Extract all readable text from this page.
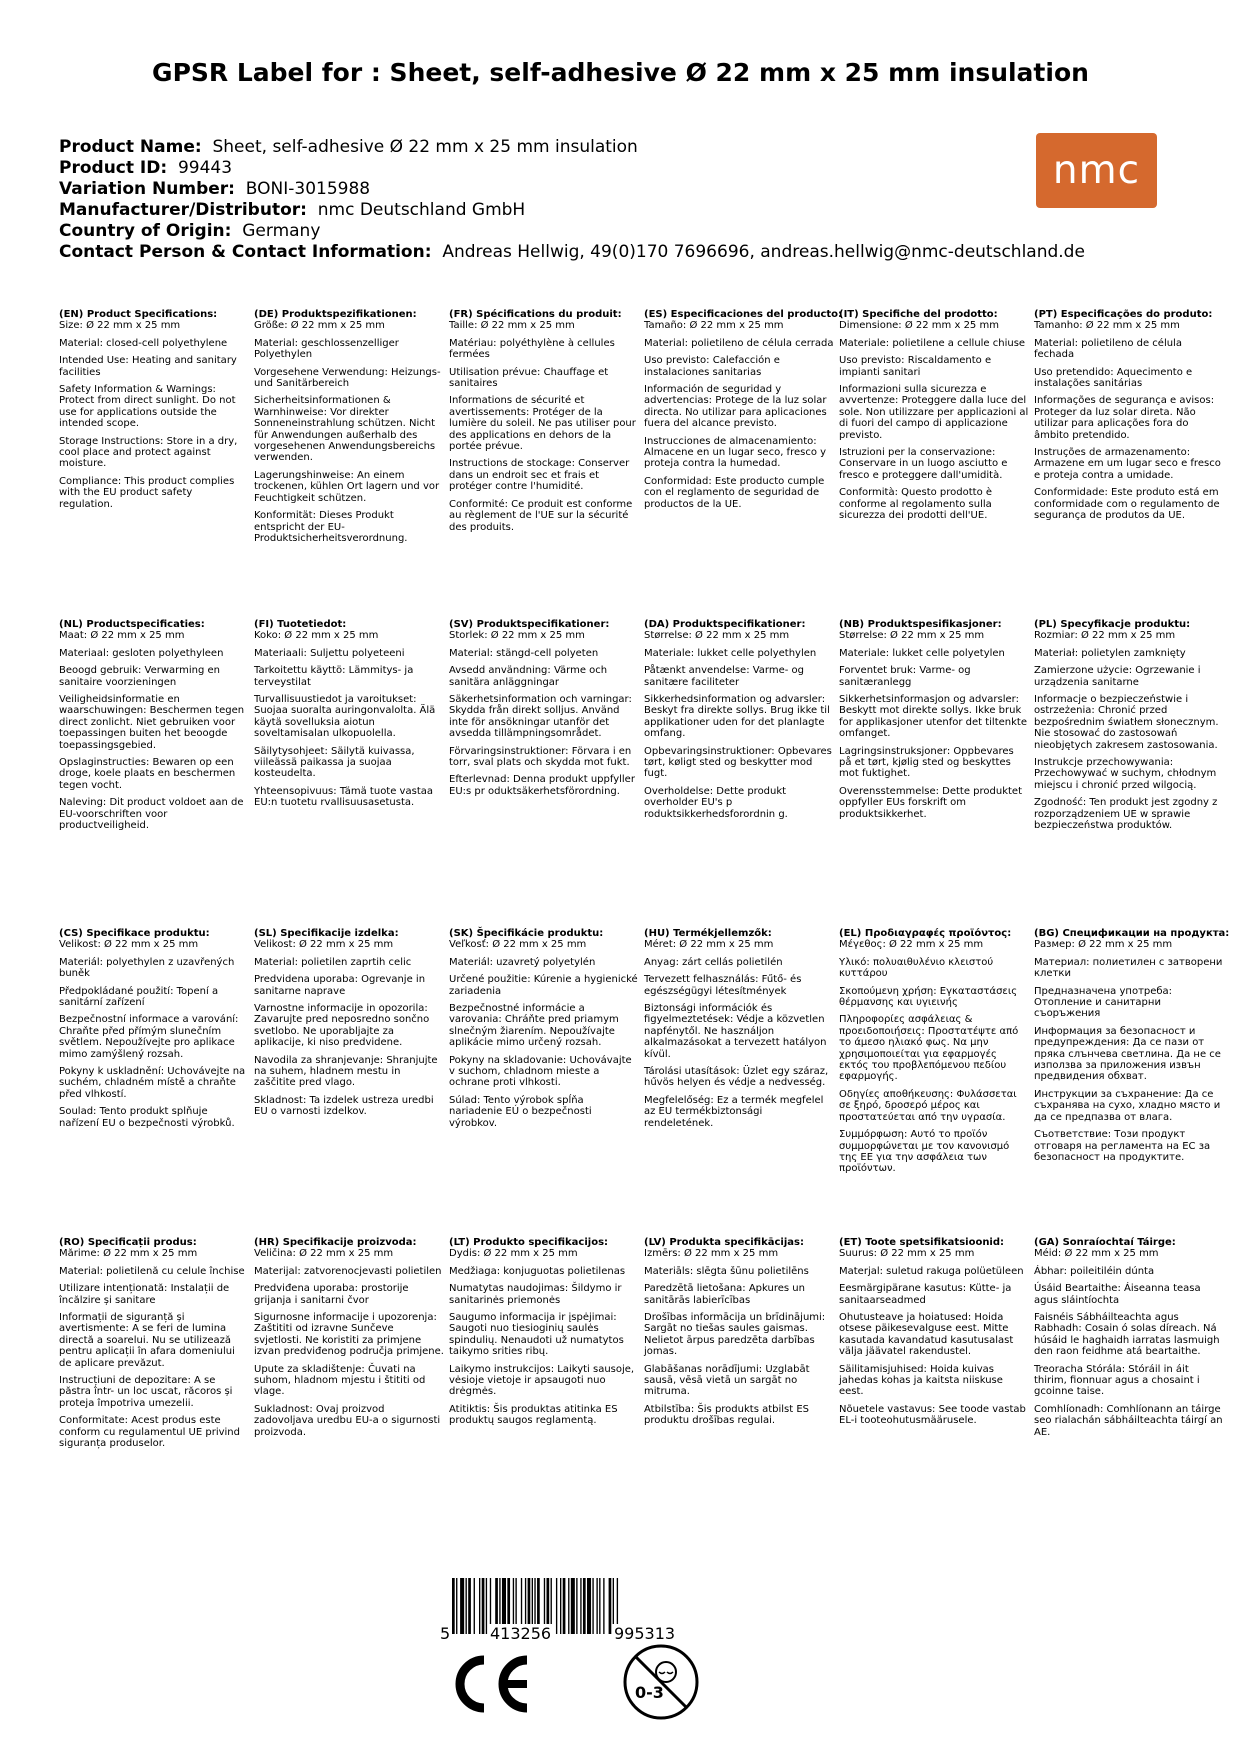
GPSR Label for : Sheet, self-adhesive Ø 22 mm x 25 mm insulation
Product Name: Sheet, self-adhesive Ø 22 mm x 25 mm insulation
Product ID: 99443
Variation Number: BONI-3015988
Manufacturer/Distributor: nmc Deutschland GmbH
Country of Origin: Germany
Contact Person & Contact Information: Andreas Hellwig, 49(0)170 7696696, andreas.hellwig@nmc-deutschland.de
nmc
(EN) Product Specifications:
Size: Ø 22 mm x 25 mm
Material: closed-cell polyethylene
Intended Use: Heating and sanitary facilities
Safety Information & Warnings: Protect from direct sunlight. Do not use for applications outside the intended scope.
Storage Instructions: Store in a dry, cool place and protect against moisture.
Compliance: This product complies with the EU product safety regulation.
(DE) Produktspezifikationen:
Größe: Ø 22 mm x 25 mm
Material: geschlossenzelliger Polyethylen
Vorgesehene Verwendung: Heizungs- und Sanitärbereich
Sicherheitsinformationen & Warnhinweise: Vor direkter Sonneneinstrahlung schützen. Nicht für Anwendungen außerhalb des vorgesehenen Anwendungsbereichs verwenden.
Lagerungshinweise: An einem trockenen, kühlen Ort lagern und vor Feuchtigkeit schützen.
Konformität: Dieses Produkt entspricht der EU-Produktsicherheitsverordnung.
(FR) Spécifications du produit:
Taille: Ø 22 mm x 25 mm
Matériau: polyéthylène à cellules fermées
Utilisation prévue: Chauffage et sanitaires
Informations de sécurité et avertissements: Protéger de la lumière du soleil. Ne pas utiliser pour des applications en dehors de la portée prévue.
Instructions de stockage: Conserver dans un endroit sec et frais et protéger contre l'humidité.
Conformité: Ce produit est conforme au règlement de l'UE sur la sécurité des produits.
(ES) Especificaciones del producto:
Tamaño: Ø 22 mm x 25 mm
Material: polietileno de célula cerrada
Uso previsto: Calefacción e instalaciones sanitarias
Información de seguridad y advertencias: Protege de la luz solar directa. No utilizar para aplicaciones fuera del alcance previsto.
Instrucciones de almacenamiento: Almacene en un lugar seco, fresco y proteja contra la humedad.
Conformidad: Este producto cumple con el reglamento de seguridad de productos de la UE.
(IT) Specifiche del prodotto:
Dimensione: Ø 22 mm x 25 mm
Materiale: polietilene a cellule chiuse
Uso previsto: Riscaldamento e impianti sanitari
Informazioni sulla sicurezza e avvertenze: Proteggere dalla luce del sole. Non utilizzare per applicazioni al di fuori del campo di applicazione previsto.
Istruzioni per la conservazione: Conservare in un luogo asciutto e fresco e proteggere dall'umidità.
Conformità: Questo prodotto è conforme al regolamento sulla sicurezza dei prodotti dell'UE.
(PT) Especificações do produto:
Tamanho: Ø 22 mm x 25 mm
Material: polietileno de célula fechada
Uso pretendido: Aquecimento e instalações sanitárias
Informações de segurança e avisos: Proteger da luz solar direta. Não utilizar para aplicações fora do âmbito pretendido.
Instruções de armazenamento: Armazene em um lugar seco e fresco e proteja contra a umidade.
Conformidade: Este produto está em conformidade com o regulamento de segurança de produtos da UE.
(NL) Productspecificaties:
Maat: Ø 22 mm x 25 mm
Materiaal: gesloten polyethyleen
Beoogd gebruik: Verwarming en sanitaire voorzieningen
Veiligheidsinformatie en waarschuwingen: Beschermen tegen direct zonlicht. Niet gebruiken voor toepassingen buiten het beoogde toepassingsgebied.
Opslaginstructies: Bewaren op een droge, koele plaats en beschermen tegen vocht.
Naleving: Dit product voldoet aan de EU-voorschriften voor productveiligheid.
(FI) Tuotetiedot:
Koko: Ø 22 mm x 25 mm
Materiaali: Suljettu polyeteeni
Tarkoitettu käyttö: Lämmitys- ja terveystilat
Turvallisuustiedot ja varoitukset: Suojaa suoralta auringonvalolta. Älä käytä sovelluksia aiotun soveltamisalan ulkopuolella.
Säilytysohjeet: Säilytä kuivassa, viileässä paikassa ja suojaa kosteudelta.
Yhteensopivuus: Tämä tuote vastaa EU:n tuotetu rvallisuusasetusta.
(SV) Produktspecifikationer:
Storlek: Ø 22 mm x 25 mm
Material: stängd-cell polyeten
Avsedd användning: Värme och sanitära anläggningar
Säkerhetsinformation och varningar: Skydda från direkt solljus. Använd inte för ansökningar utanför det avsedda tillämpningsområdet.
Förvaringsinstruktioner: Förvara i en torr, sval plats och skydda mot fukt.
Efterlevnad: Denna produkt uppfyller EU:s pr oduktsäkerhetsförordning.
(DA) Produktspecifikationer:
Størrelse: Ø 22 mm x 25 mm
Materiale: lukket celle polyethylen
Påtænkt anvendelse: Varme- og sanitære faciliteter
Sikkerhedsinformation og advarsler: Beskyt fra direkte sollys. Brug ikke til applikationer uden for det planlagte omfang.
Opbevaringsinstruktioner: Opbevares tørt, køligt sted og beskytter mod fugt.
Overholdelse: Dette produkt overholder EU's p roduktsikkerhedsforordnin g.
(NB) Produktspesifikasjoner:
Størrelse: Ø 22 mm x 25 mm
Materiale: lukket celle polyetylen
Forventet bruk: Varme- og sanitæranlegg
Sikkerhetsinformasjon og advarsler: Beskytt mot direkte sollys. Ikke bruk for applikasjoner utenfor det tiltenkte omfanget.
Lagringsinstruksjoner: Oppbevares på et tørt, kjølig sted og beskyttes mot fuktighet.
Overensstemmelse: Dette produktet oppfyller EUs forskrift om produktsikkerhet.
(PL) Specyfikacje produktu:
Rozmiar: Ø 22 mm x 25 mm
Materiał: polietylen zamknięty
Zamierzone użycie: Ogrzewanie i urządzenia sanitarne
Informacje o bezpieczeństwie i ostrzeżenia: Chronić przed bezpośrednim światłem słonecznym. Nie stosować do zastosowań nieobjętych zakresem zastosowania.
Instrukcje przechowywania: Przechowywać w suchym, chłodnym miejscu i chronić przed wilgocią.
Zgodność: Ten produkt jest zgodny z rozporządzeniem UE w sprawie bezpieczeństwa produktów.
(CS) Specifikace produktu:
Velikost: Ø 22 mm x 25 mm
Materiál: polyethylen z uzavřených buněk
Předpokládané použití: Topení a sanitární zařízení
Bezpečnostní informace a varování: Chraňte před přímým slunečním světlem. Nepoužívejte pro aplikace mimo zamýšlený rozsah.
Pokyny k uskladnění: Uchovávejte na suchém, chladném místě a chraňte před vlhkostí.
Soulad: Tento produkt splňuje nařízení EU o bezpečnosti výrobků.
(SL) Specifikacije izdelka:
Velikost: Ø 22 mm x 25 mm
Material: polietilen zaprtih celic
Predvidena uporaba: Ogrevanje in sanitarne naprave
Varnostne informacije in opozorila: Zavarujte pred neposredno sončno svetlobo. Ne uporabljajte za aplikacije, ki niso predvidene.
Navodila za shranjevanje: Shranjujte na suhem, hladnem mestu in zaščitite pred vlago.
Skladnost: Ta izdelek ustreza uredbi EU o varnosti izdelkov.
(SK) Špecifikácie produktu:
Veľkosť: Ø 22 mm x 25 mm
Materiál: uzavretý polyetylén
Určené použitie: Kúrenie a hygienické zariadenia
Bezpečnostné informácie a varovania: Chráňte pred priamym slnečným žiarením. Nepoužívajte aplikácie mimo určený rozsah.
Pokyny na skladovanie: Uchovávajte v suchom, chladnom mieste a ochrane proti vlhkosti.
Súlad: Tento výrobok spĺňa nariadenie EÚ o bezpečnosti výrobkov.
(HU) Termékjellemzők:
Méret: Ø 22 mm x 25 mm
Anyag: zárt cellás polietilén
Tervezett felhasználás: Fűtő- és egészségügyi létesítmények
Biztonsági információk és figyelmeztetések: Védje a közvetlen napfénytől. Ne használjon alkalmazásokat a tervezett hatályon kívül.
Tárolási utasítások: Üzlet egy száraz, hűvös helyen és védje a nedvesség.
Megfelelőség: Ez a termék megfelel az EU termékbiztonsági rendeletének.
(EL) Προδιαγραφές προϊόντος:
Μέγεθος: Ø 22 mm x 25 mm
Υλικό: πολυαιθυλένιο κλειστού κυττάρου
Σκοπούμενη χρήση: Εγκαταστάσεις θέρμανσης και υγιεινής
Πληροφορίες ασφάλειας & προειδοποιήσεις: Προστατέψτε από το άμεσο ηλιακό φως. Να μην χρησιμοποιείται για εφαρμογές εκτός του προβλεπόμενου πεδίου εφαρμογής.
Οδηγίες αποθήκευσης: Φυλάσσεται σε ξηρό, δροσερό μέρος και προστατεύεται από την υγρασία.
Συμμόρφωση: Αυτό το προϊόν συμμορφώνεται με τον κανονισμό της ΕΕ για την ασφάλεια των προϊόντων.
(BG) Спецификации на продукта:
Размер: Ø 22 mm x 25 mm
Материал: полиетилен с затворени клетки
Предназначена употреба: Отопление и санитарни съоръжения
Информация за безопасност и предупреждения: Да се пази от пряка слънчева светлина. Да не се използва за приложения извън предвидения обхват.
Инструкции за съхранение: Да се съхранява на сухо, хладно място и да се предпазва от влага.
Съответствие: Този продукт отговаря на регламента на ЕС за безопасност на продуктите.
(RO) Specificații produs:
Mărime: Ø 22 mm x 25 mm
Material: polietilenă cu celule închise
Utilizare intenționată: Instalații de încălzire și sanitare
Informații de siguranță și avertismente: A se feri de lumina directă a soarelui. Nu se utilizează pentru aplicații în afara domeniului de aplicare prevăzut.
Instrucțiuni de depozitare: A se păstra într- un loc uscat, răcoros și proteja împotriva umezelii.
Conformitate: Acest produs este conform cu regulamentul UE privind siguranța produselor.
(HR) Specifikacije proizvoda:
Veličina: Ø 22 mm x 25 mm
Materijal: zatvorenocjevasti polietilen
Predviđena uporaba: prostorije grijanja i sanitarni čvor
Sigurnosne informacije i upozorenja: Zaštititi od izravne Sunčeve svjetlosti. Ne koristiti za primjene izvan predviđenog područja primjene.
Upute za skladištenje: Čuvati na suhom, hladnom mjestu i štititi od vlage.
Sukladnost: Ovaj proizvod zadovoljava uredbu EU-a o sigurnosti proizvoda.
(LT) Produkto specifikacijos:
Dydis: Ø 22 mm x 25 mm
Medžiaga: konjuguotas polietilenas
Numatytas naudojimas: Šildymo ir sanitarinės priemonės
Saugumo informacija ir įspėjimai: Saugoti nuo tiesioginių saulės spindulių. Nenaudoti už numatytos taikymo srities ribų.
Laikymo instrukcijos: Laikyti sausoje, vėsioje vietoje ir apsaugoti nuo drėgmės.
Atitiktis: Šis produktas atitinka ES produktų saugos reglamentą.
(LV) Produkta specifikācijas:
Izmērs: Ø 22 mm x 25 mm
Materiāls: slēgta šūnu polietilēns
Paredzētā lietošana: Apkures un sanitārās labierīcības
Drošības informācija un brīdinājumi: Sargāt no tiešas saules gaismas. Nelietot ārpus paredzēta darbības jomas.
Glabāšanas norādījumi: Uzglabāt sausā, vēsā vietā un sargāt no mitruma.
Atbilstība: Šis produkts atbilst ES produktu drošības regulai.
(ET) Toote spetsifikatsioonid:
Suurus: Ø 22 mm x 25 mm
Materjal: suletud rakuga polüetüleen
Eesmärgipärane kasutus: Kütte- ja sanitaarseadmed
Ohutusteave ja hoiatused: Hoida otsese päikesevalguse eest. Mitte kasutada kavandatud kasutusalast välja jäävatel rakendustel.
Säilitamisjuhised: Hoida kuivas jahedas kohas ja kaitsta niiskuse eest.
Nõuetele vastavus: See toode vastab EL-i tooteohutusmäärusele.
(GA) Sonraíochtaí Táirge:
Méid: Ø 22 mm x 25 mm
Ábhar: poileitiléin dúnta
Úsáid Beartaithe: Áiseanna teasa agus sláintíochta
Faisnéis Sábháilteachta agus Rabhadh: Cosain ó solas díreach. Ná húsáid le haghaidh iarratas lasmuigh den raon feidhme atá beartaithe.
Treoracha Stórála: Stóráil in áit thirim, fionnuar agus a chosaint i gcoinne taise.
Comhlíonadh: Comhlíonann an táirge seo rialachán sábháilteachta táirgí an AE.
5 413256	995313
0-3
